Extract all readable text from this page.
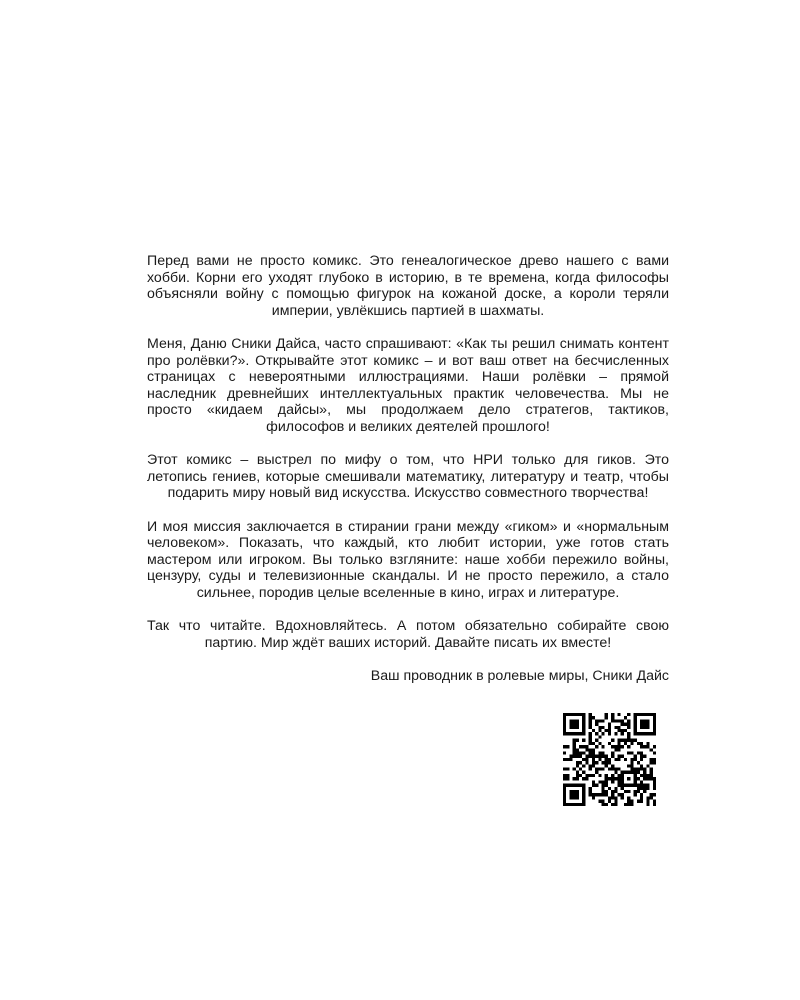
Перед вами не просто комикс. Это генеалогическое древо нашего с вами хобби. Корни его уходят глубоко в историю, в те времена, когда философы объясняли войну с помощью фигурок на кожаной доске, а короли теряли империи, увлёкшись партией в шахматы.

Меня, Даню Сники Дайса, часто спрашивают: «Как ты решил снимать контент про ролёвки?». Открывайте этот комикс – и вот ваш ответ на бесчисленных страницах с невероятными иллюстрациями. Наши ролёвки – прямой наследник древнейших интеллектуальных практик человечества. Мы не просто «кидаем дайсы», мы продолжаем дело стратегов, тактиков, философов и великих деятелей прошлого!

Этот комикс – выстрел по мифу о том, что НРИ только для гиков. Это летопись гениев, которые смешивали математику, литературу и театр, чтобы подарить миру новый вид искусства. Искусство совместного творчества!

И моя миссия заключается в стирании грани между «гиком» и «нормальным человеком». Показать, что каждый, кто любит истории, уже готов стать мастером или игроком. Вы только взгляните: наше хобби пережило войны, цензуру, суды и телевизионные скандалы. И не просто пережило, а стало сильнее, породив целые вселенные в кино, играх и литературе.

Так что читайте. Вдохновляйтесь. А потом обязательно собирайте свою партию. Мир ждёт ваших историй. Давайте писать их вместе!

Ваш проводник в ролевые миры, Сники Дайс
